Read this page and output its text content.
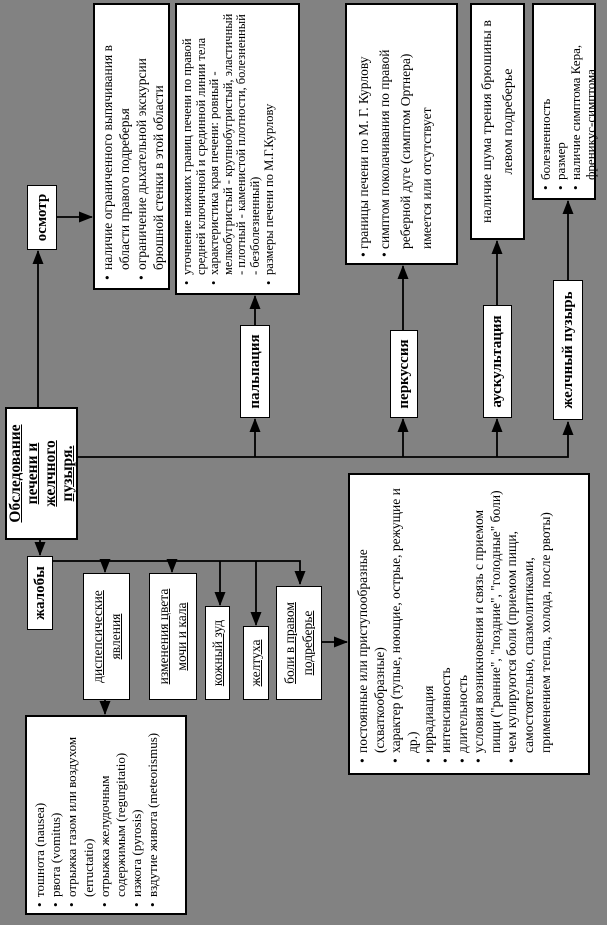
Обследование печени и желчного пузыря.
жалобы
осмотр
пальпация	перкуссия	аускультация	желчный пузырь
• наличие ограниченного выпячивания в области правого подреберья • ограничение дыхательной экскурсии брюшной стенки в этой области • уточнение нижних границ печени по правой средней ключичной и срединной линии тела • характеристика края печени: ровный - мелкобугристый - крупнобугристый, эластичный - плотный - каменистой плотности, болезненный - безболезненный) • размеры печени по М.Г.Курлову	• границы печени по М. Г. Курлову • симптом поколачивания по правой реберной дуге (симптом Ортнера) имеется или отсутствует	наличие шума трения брюшины в левом подреберье • болезненность • размер • наличие симптома Кера, френикус-симптома
диспепсические явления	изменения цвета мочи и кала кожный зуд желтуха боли в правом подреберье
• тошнота (nausea) • рвота (vomitus) • отрыжка газом или воздухом (erructatio) • отрыжка желудочным содержимым (regurgitatio) • изжога (pyrosis) • вздутие живота (meteorismus)
• постоянные или приступообразные (схваткообразные) • характер (тупые, ноющие, острые, режущие и др.) • иррадиация • интенсивность • длительность • условия возникновения и связь с приемом пищи ("ранние", "поздние", "голодные" боли) • чем купируются боли (приемом пищи, самостоятельно, спазмолитиками, применением тепла, холода, после рвоты)
